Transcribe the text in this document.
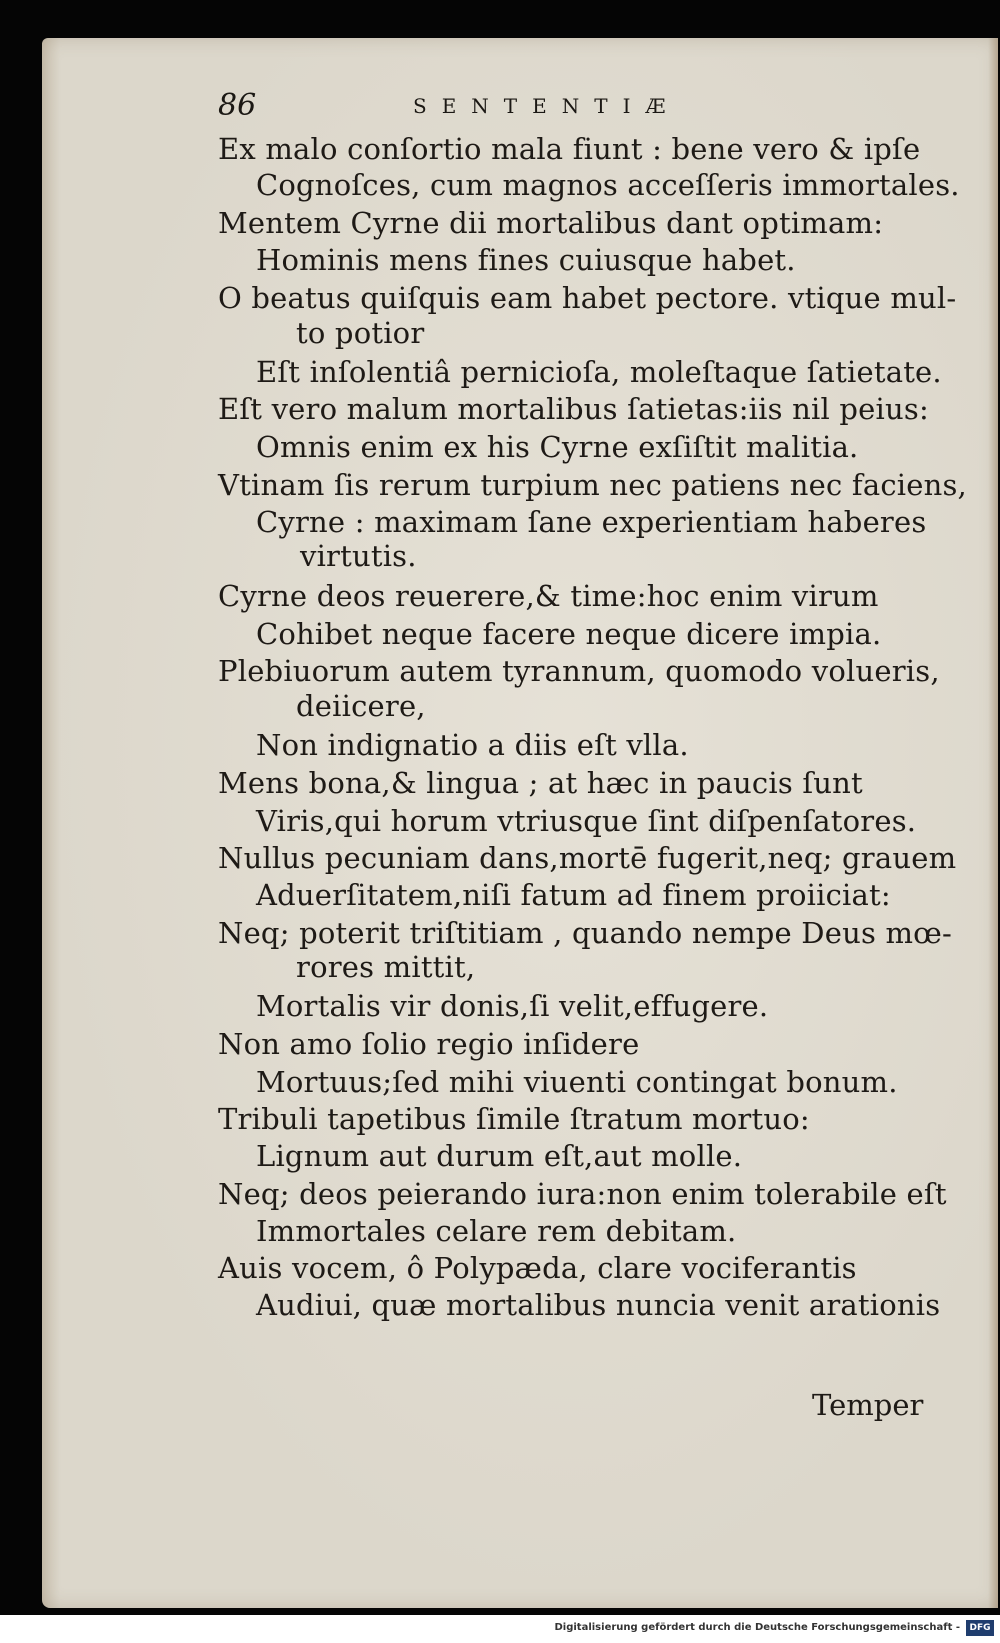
86	SENTENTIÆ
Ex malo conſortio mala fiunt : bene vero & ipſe
Cognoſces, cum magnos acceſſeris immortales.
Mentem Cyrne dii mortalibus dant optimam:
Hominis mens fines cuiusque habet.
O beatus quiſquis eam habet pectore. vtique mul-
to potior
Eſt inſolentiâ pernicioſa, moleſtaque ſatietate.
Eſt vero malum mortalibus ſatietas:iis nil peius:
Omnis enim ex his Cyrne exſiſtit malitia.
Vtinam ſis rerum turpium nec patiens nec faciens,
Cyrne : maximam ſane experientiam haberes
virtutis.
Cyrne deos reuerere,& time:hoc enim virum
Cohibet neque facere neque dicere impia.
Plebiuorum autem tyrannum, quomodo volueris,
deiicere,
Non indignatio a diis eſt vlla.
Mens bona,& lingua ; at hæc in paucis ſunt
Viris,qui horum vtriusque ſint diſpenſatores.
Nullus pecuniam dans,mortē fugerit,neq; grauem
Aduerſitatem,niſi fatum ad finem proiiciat:
Neq; poterit triſtitiam , quando nempe Deus mœ-
rores mittit,
Mortalis vir donis,ſi velit,effugere.
Non amo ſolio regio inſidere
Mortuus;ſed mihi viuenti contingat bonum.
Tribuli tapetibus ſimile ſtratum mortuo:
Lignum aut durum eſt,aut molle.
Neq; deos peierando iura:non enim tolerabile eſt
Immortales celare rem debitam.
Auis vocem, ô Polypæda, clare vociferantis
Audiui, quæ mortalibus nuncia venit arationis
Temper
Digitalisierung gefördert durch die Deutsche Forschungsgemeinschaft -	DFG
